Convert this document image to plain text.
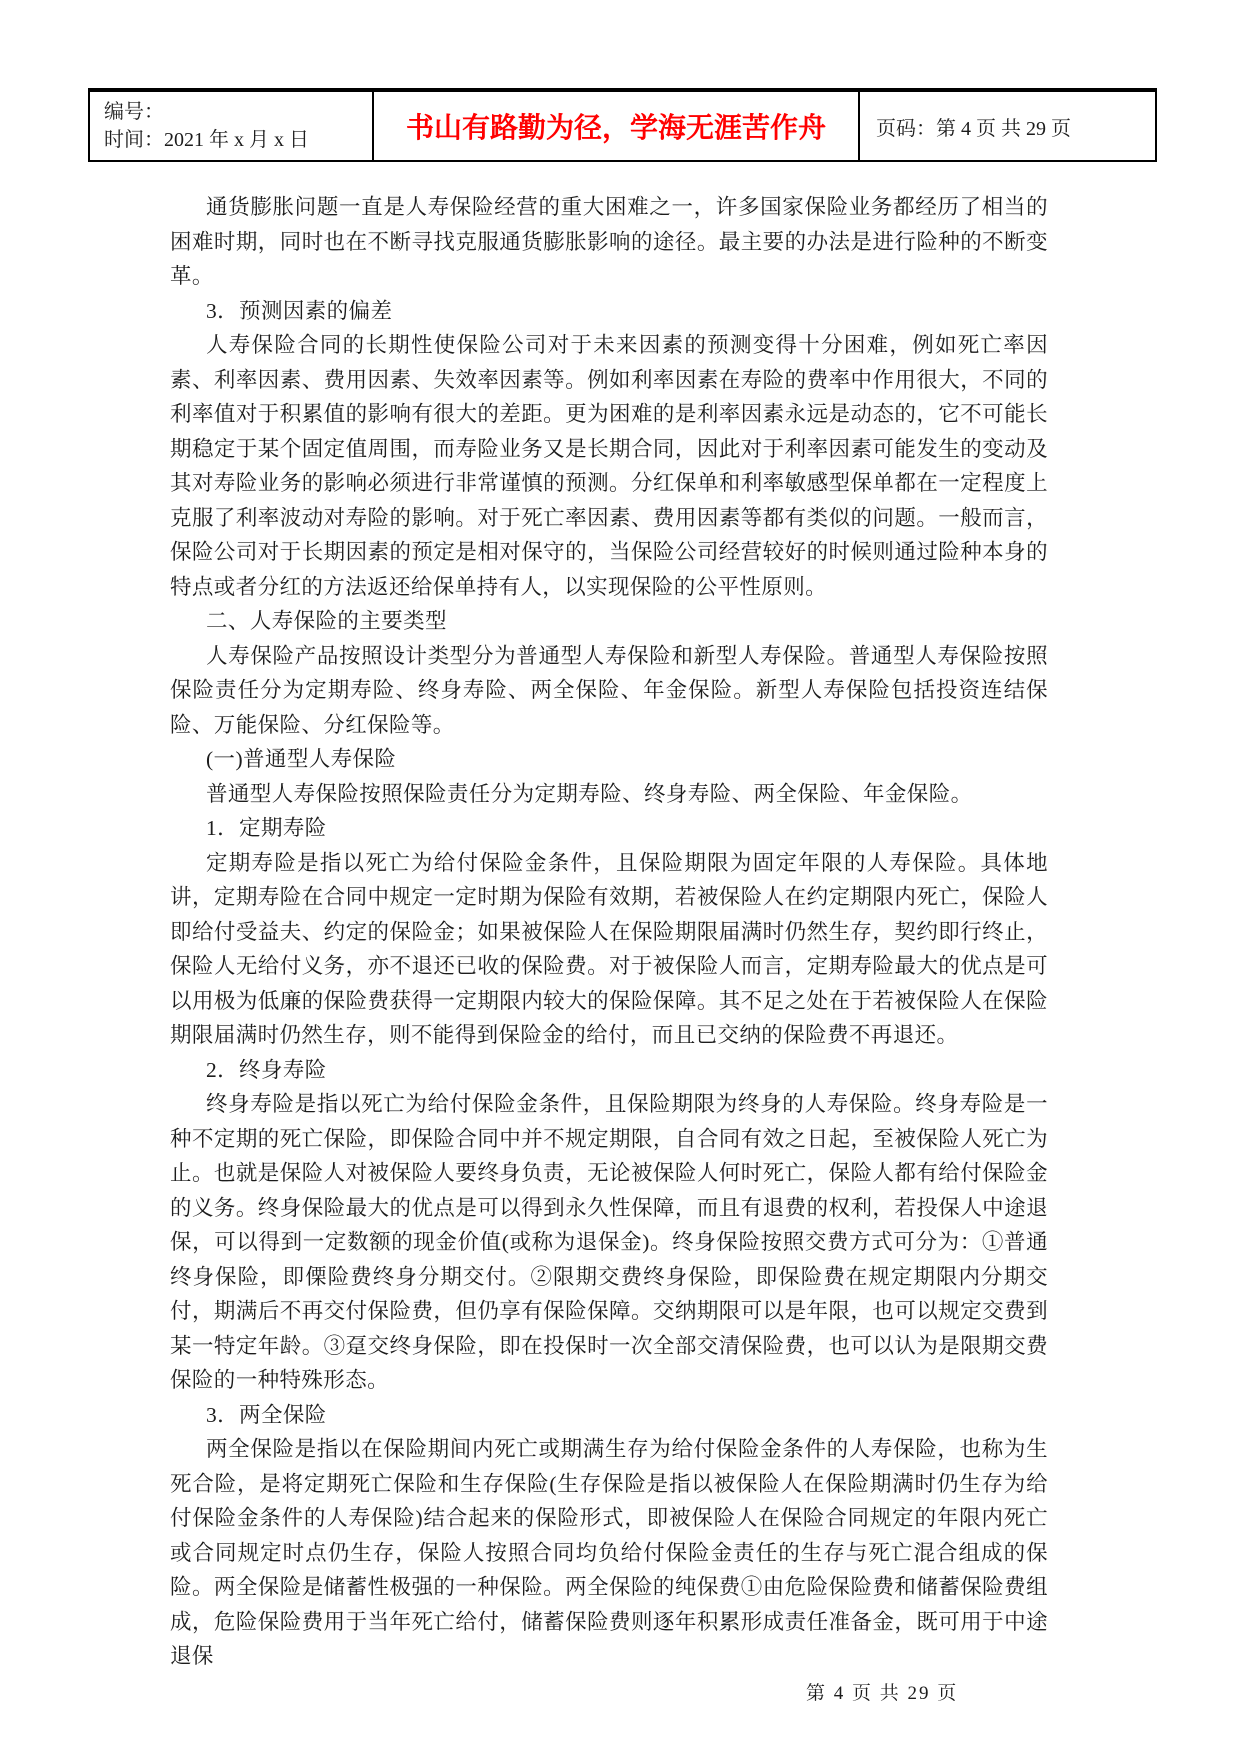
编号：
时间：2021 年 x 月 x 日	书山有路勤为径，学海无涯苦作舟	页码：第 4 页 共 29 页

通货膨胀问题一直是人寿保险经营的重大困难之一，许多国家保险业务都经历了相当的困难时期，同时也在不断寻找克服通货膨胀影响的途径。最主要的办法是进行险种的不断变革。

3．预测因素的偏差

人寿保险合同的长期性使保险公司对于未来因素的预测变得十分困难，例如死亡率因素、利率因素、费用因素、失效率因素等。例如利率因素在寿险的费率中作用很大，不同的利率值对于积累值的影响有很大的差距。更为困难的是利率因素永远是动态的，它不可能长期稳定于某个固定值周围，而寿险业务又是长期合同，因此对于利率因素可能发生的变动及其对寿险业务的影响必须进行非常谨慎的预测。分红保单和利率敏感型保单都在一定程度上克服了利率波动对寿险的影响。对于死亡率因素、费用因素等都有类似的问题。一般而言，保险公司对于长期因素的预定是相对保守的，当保险公司经营较好的时候则通过险种本身的特点或者分红的方法返还给保单持有人，以实现保险的公平性原则。

二、人寿保险的主要类型

人寿保险产品按照设计类型分为普通型人寿保险和新型人寿保险。普通型人寿保险按照保险责任分为定期寿险、终身寿险、两全保险、年金保险。新型人寿保险包括投资连结保险、万能保险、分红保险等。

(一)普通型人寿保险

普通型人寿保险按照保险责任分为定期寿险、终身寿险、两全保险、年金保险。

1．定期寿险

定期寿险是指以死亡为给付保险金条件，且保险期限为固定年限的人寿保险。具体地讲，定期寿险在合同中规定一定时期为保险有效期，若被保险人在约定期限内死亡，保险人即给付受益夫、约定的保险金；如果被保险人在保险期限届满时仍然生存，契约即行终止，保险人无给付义务，亦不退还已收的保险费。对于被保险人而言，定期寿险最大的优点是可以用极为低廉的保险费获得一定期限内较大的保险保障。其不足之处在于若被保险人在保险期限届满时仍然生存，则不能得到保险金的给付，而且已交纳的保险费不再退还。

2．终身寿险

终身寿险是指以死亡为给付保险金条件，且保险期限为终身的人寿保险。终身寿险是一种不定期的死亡保险，即保险合同中并不规定期限，自合同有效之日起，至被保险人死亡为止。也就是保险人对被保险人要终身负责，无论被保险人何时死亡，保险人都有给付保险金的义务。终身保险最大的优点是可以得到永久性保障，而且有退费的权利，若投保人中途退保，可以得到一定数额的现金价值(或称为退保金)。终身保险按照交费方式可分为：①普通终身保险，即傈险费终身分期交付。②限期交费终身保险，即保险费在规定期限内分期交付，期满后不再交付保险费，但仍享有保险保障。交纳期限可以是年限，也可以规定交费到某一特定年龄。③趸交终身保险，即在投保时一次全部交清保险费，也可以认为是限期交费保险的一种特殊形态。

3．两全保险

两全保险是指以在保险期间内死亡或期满生存为给付保险金条件的人寿保险，也称为生死合险，是将定期死亡保险和生存保险(生存保险是指以被保险人在保险期满时仍生存为给付保险金条件的人寿保险)结合起来的保险形式，即被保险人在保险合同规定的年限内死亡或合同规定时点仍生存，保险人按照合同均负给付保险金责任的生存与死亡混合组成的保险。两全保险是储蓄性极强的一种保险。两全保险的纯保费①由危险保险费和储蓄保险费组成，危险保险费用于当年死亡给付，储蓄保险费则逐年积累形成责任准备金，既可用于中途退保

第 4 页 共 29 页
